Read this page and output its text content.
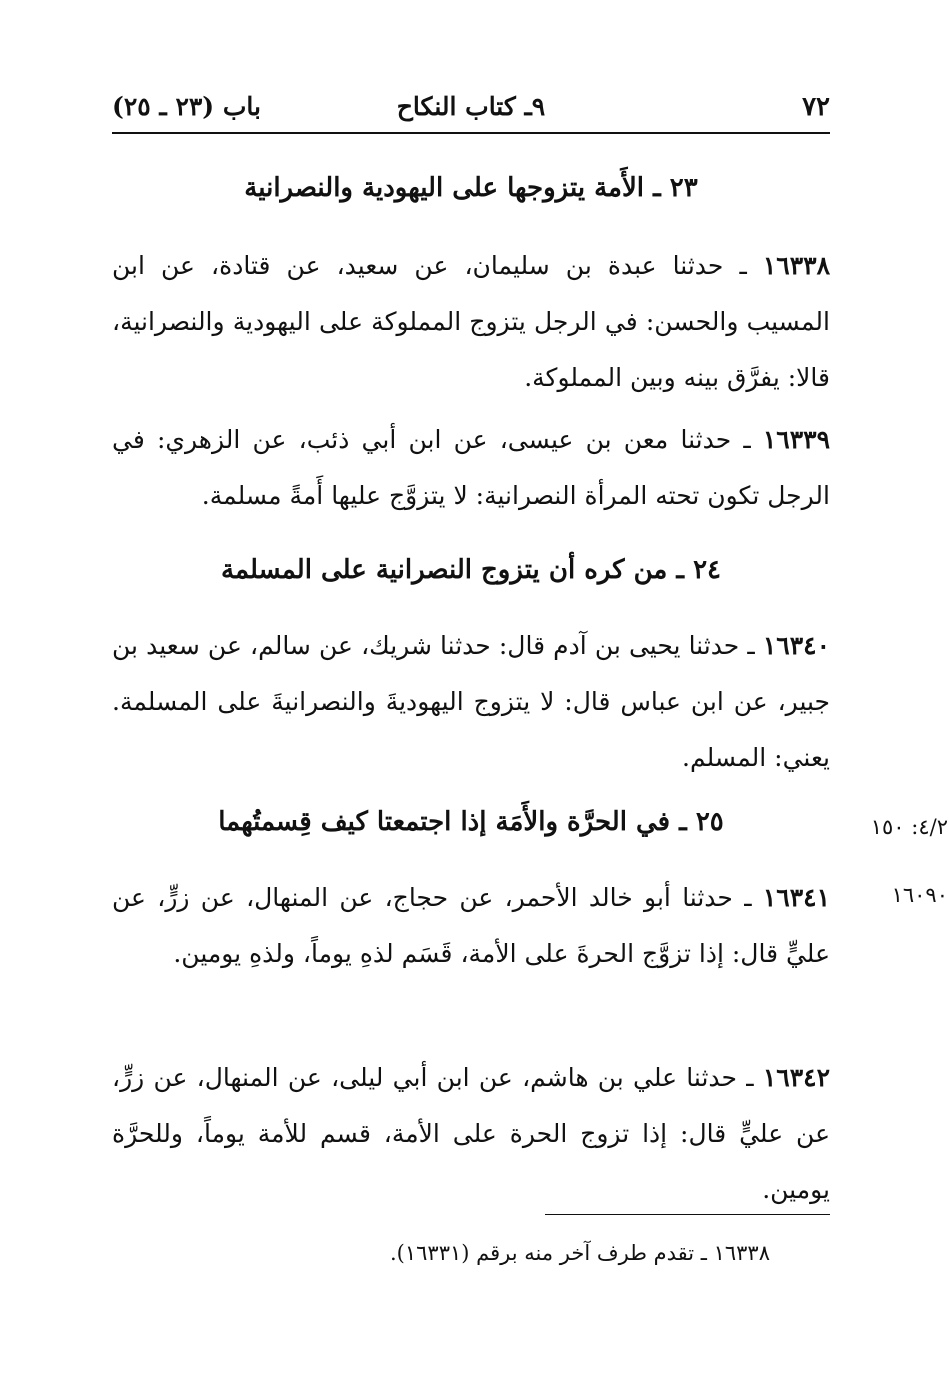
٧٢
٩ـ كتاب النكاح
باب (٢٣ ـ ٢٥)
٢٣ ـ الأَمة يتزوجها على اليهودية والنصرانية
١٦٣٣٨ ـ حدثنا عبدة بن سليمان، عن سعيد، عن قتادة، عن ابن المسيب والحسن: في الرجل يتزوج المملوكة على اليهودية والنصرانية، قالا: يفرَّق بينه وبين المملوكة.
١٦٣٣٩ ـ حدثنا معن بن عيسى، عن ابن أبي ذئب، عن الزهري: في الرجل تكون تحته المرأة النصرانية: لا يتزوَّج عليها أَمةً مسلمة.
٢٤ ـ من كره أن يتزوج النصرانية على المسلمة
١٦٣٤٠ ـ حدثنا يحيى بن آدم قال: حدثنا شريك، عن سالم، عن سعيد بن جبير، عن ابن عباس قال: لا يتزوج اليهوديةَ والنصرانيةَ على المسلمة. يعني: المسلم.
٢٥ ـ في الحرَّة والأَمَة إذا اجتمعتا كيف قِسمتُهما	٤/٢: ١٥٠
١٦٣٤١ ـ حدثنا أبو خالد الأحمر، عن حجاج، عن المنهال، عن زرٍّ، عن عليٍّ قال: إذا تزوَّج الحرةَ على الأمة، قَسَم لذهِ يوماً، ولذهِ يومين.
١٦٠٩٠
١٦٣٤٢ ـ حدثنا علي بن هاشم، عن ابن أبي ليلى، عن المنهال، عن زرٍّ، عن عليٍّ قال: إذا تزوج الحرة على الأمة، قسم للأمة يوماً، وللحرَّة يومين.
١٦٣٣٨ ـ تقدم طرف آخر منه برقم (١٦٣٣١).
